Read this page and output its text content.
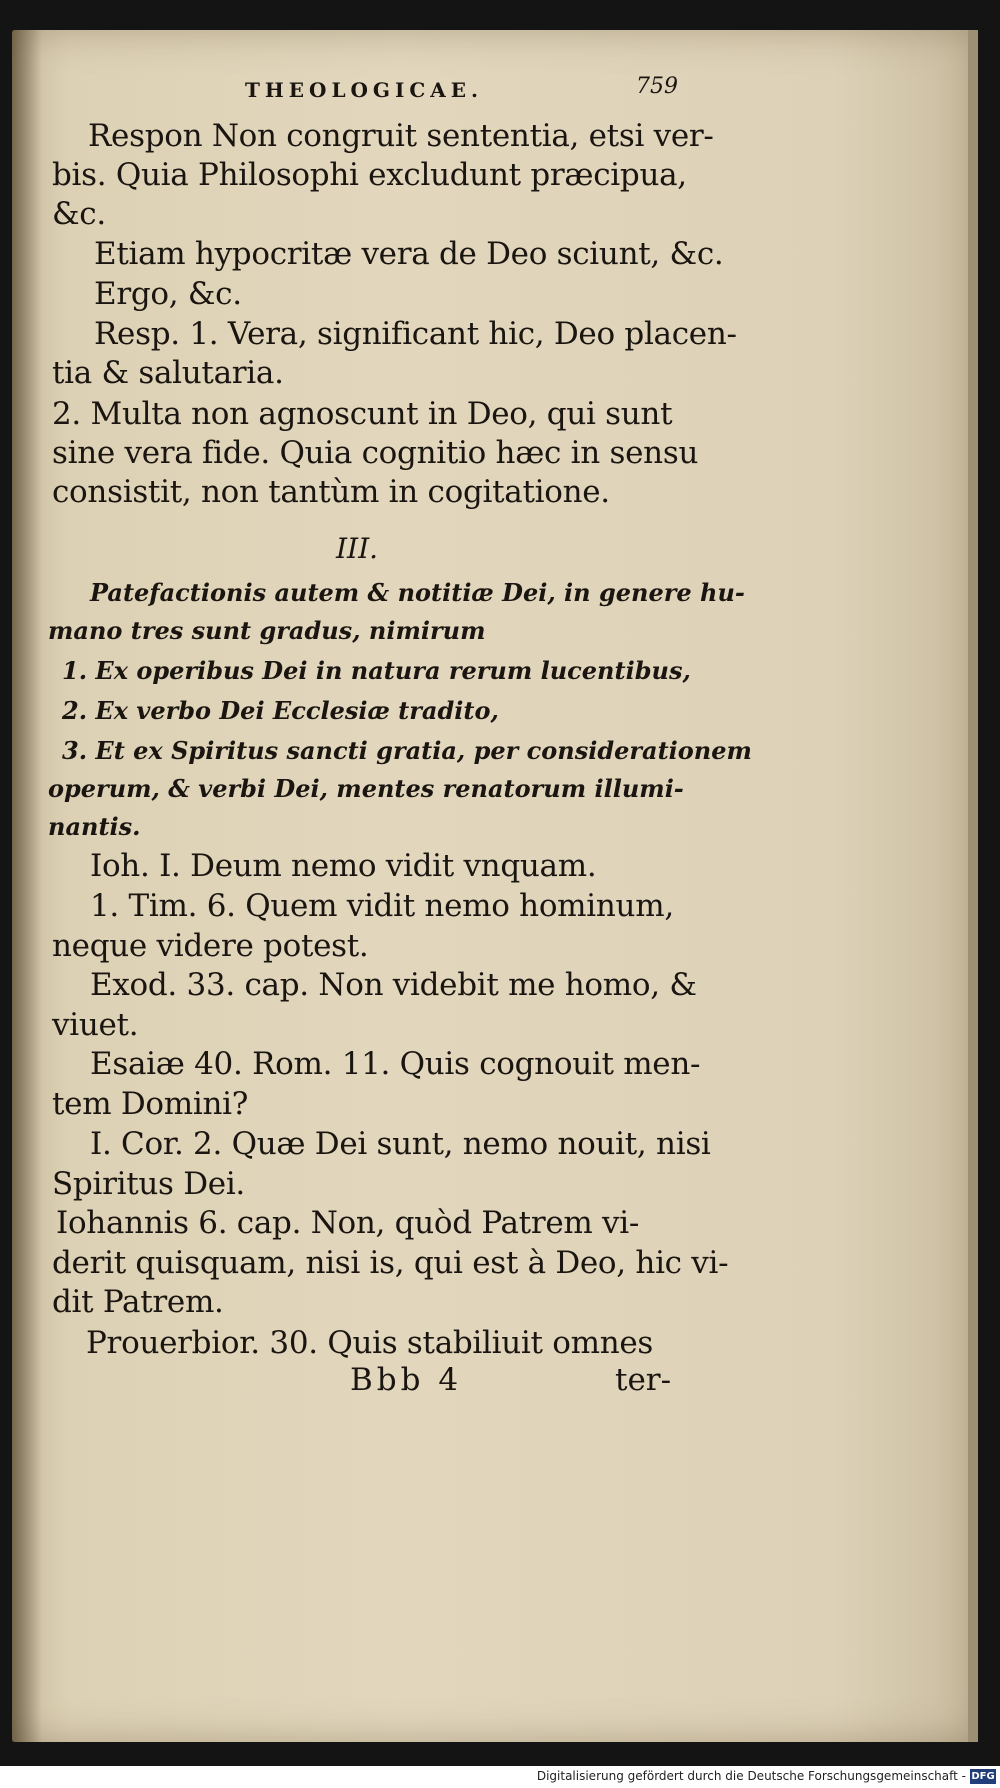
THEOLOGICAE.	759
Respon Non congruit sententia, etsi ver-
bis. Quia Philosophi excludunt præcipua,
&c.
Etiam hypocritæ vera de Deo sciunt, &c.
Ergo, &c.
Resp. 1. Vera, significant hic, Deo placen-
tia & salutaria.
2. Multa non agnoscunt in Deo, qui sunt
sine vera fide. Quia cognitio hæc in sensu
consistit, non tantùm in cogitatione.
III.
Patefactionis autem & notitiæ Dei, in genere hu-
mano tres sunt gradus, nimirum
1. Ex operibus Dei in natura rerum lucentibus,
2. Ex verbo Dei Ecclesiæ tradito,
3. Et ex Spiritus sancti gratia, per considerationem
operum, & verbi Dei, mentes renatorum illumi-
nantis.
Ioh. I. Deum nemo vidit vnquam.
1. Tim. 6. Quem vidit nemo hominum,
neque videre potest.
Exod. 33. cap. Non videbit me homo, &
viuet.
Esaiæ 40. Rom. 11. Quis cognouit men-
tem Domini?
I. Cor. 2. Quæ Dei sunt, nemo nouit, nisi
Spiritus Dei.
Iohannis 6. cap. Non, quòd Patrem vi-
derit quisquam, nisi is, qui est à Deo, hic vi-
dit Patrem.
Prouerbior. 30. Quis stabiliuit omnes
Bbb 4	ter-
Digitalisierung gefördert durch die Deutsche Forschungsgemeinschaft - DFG
